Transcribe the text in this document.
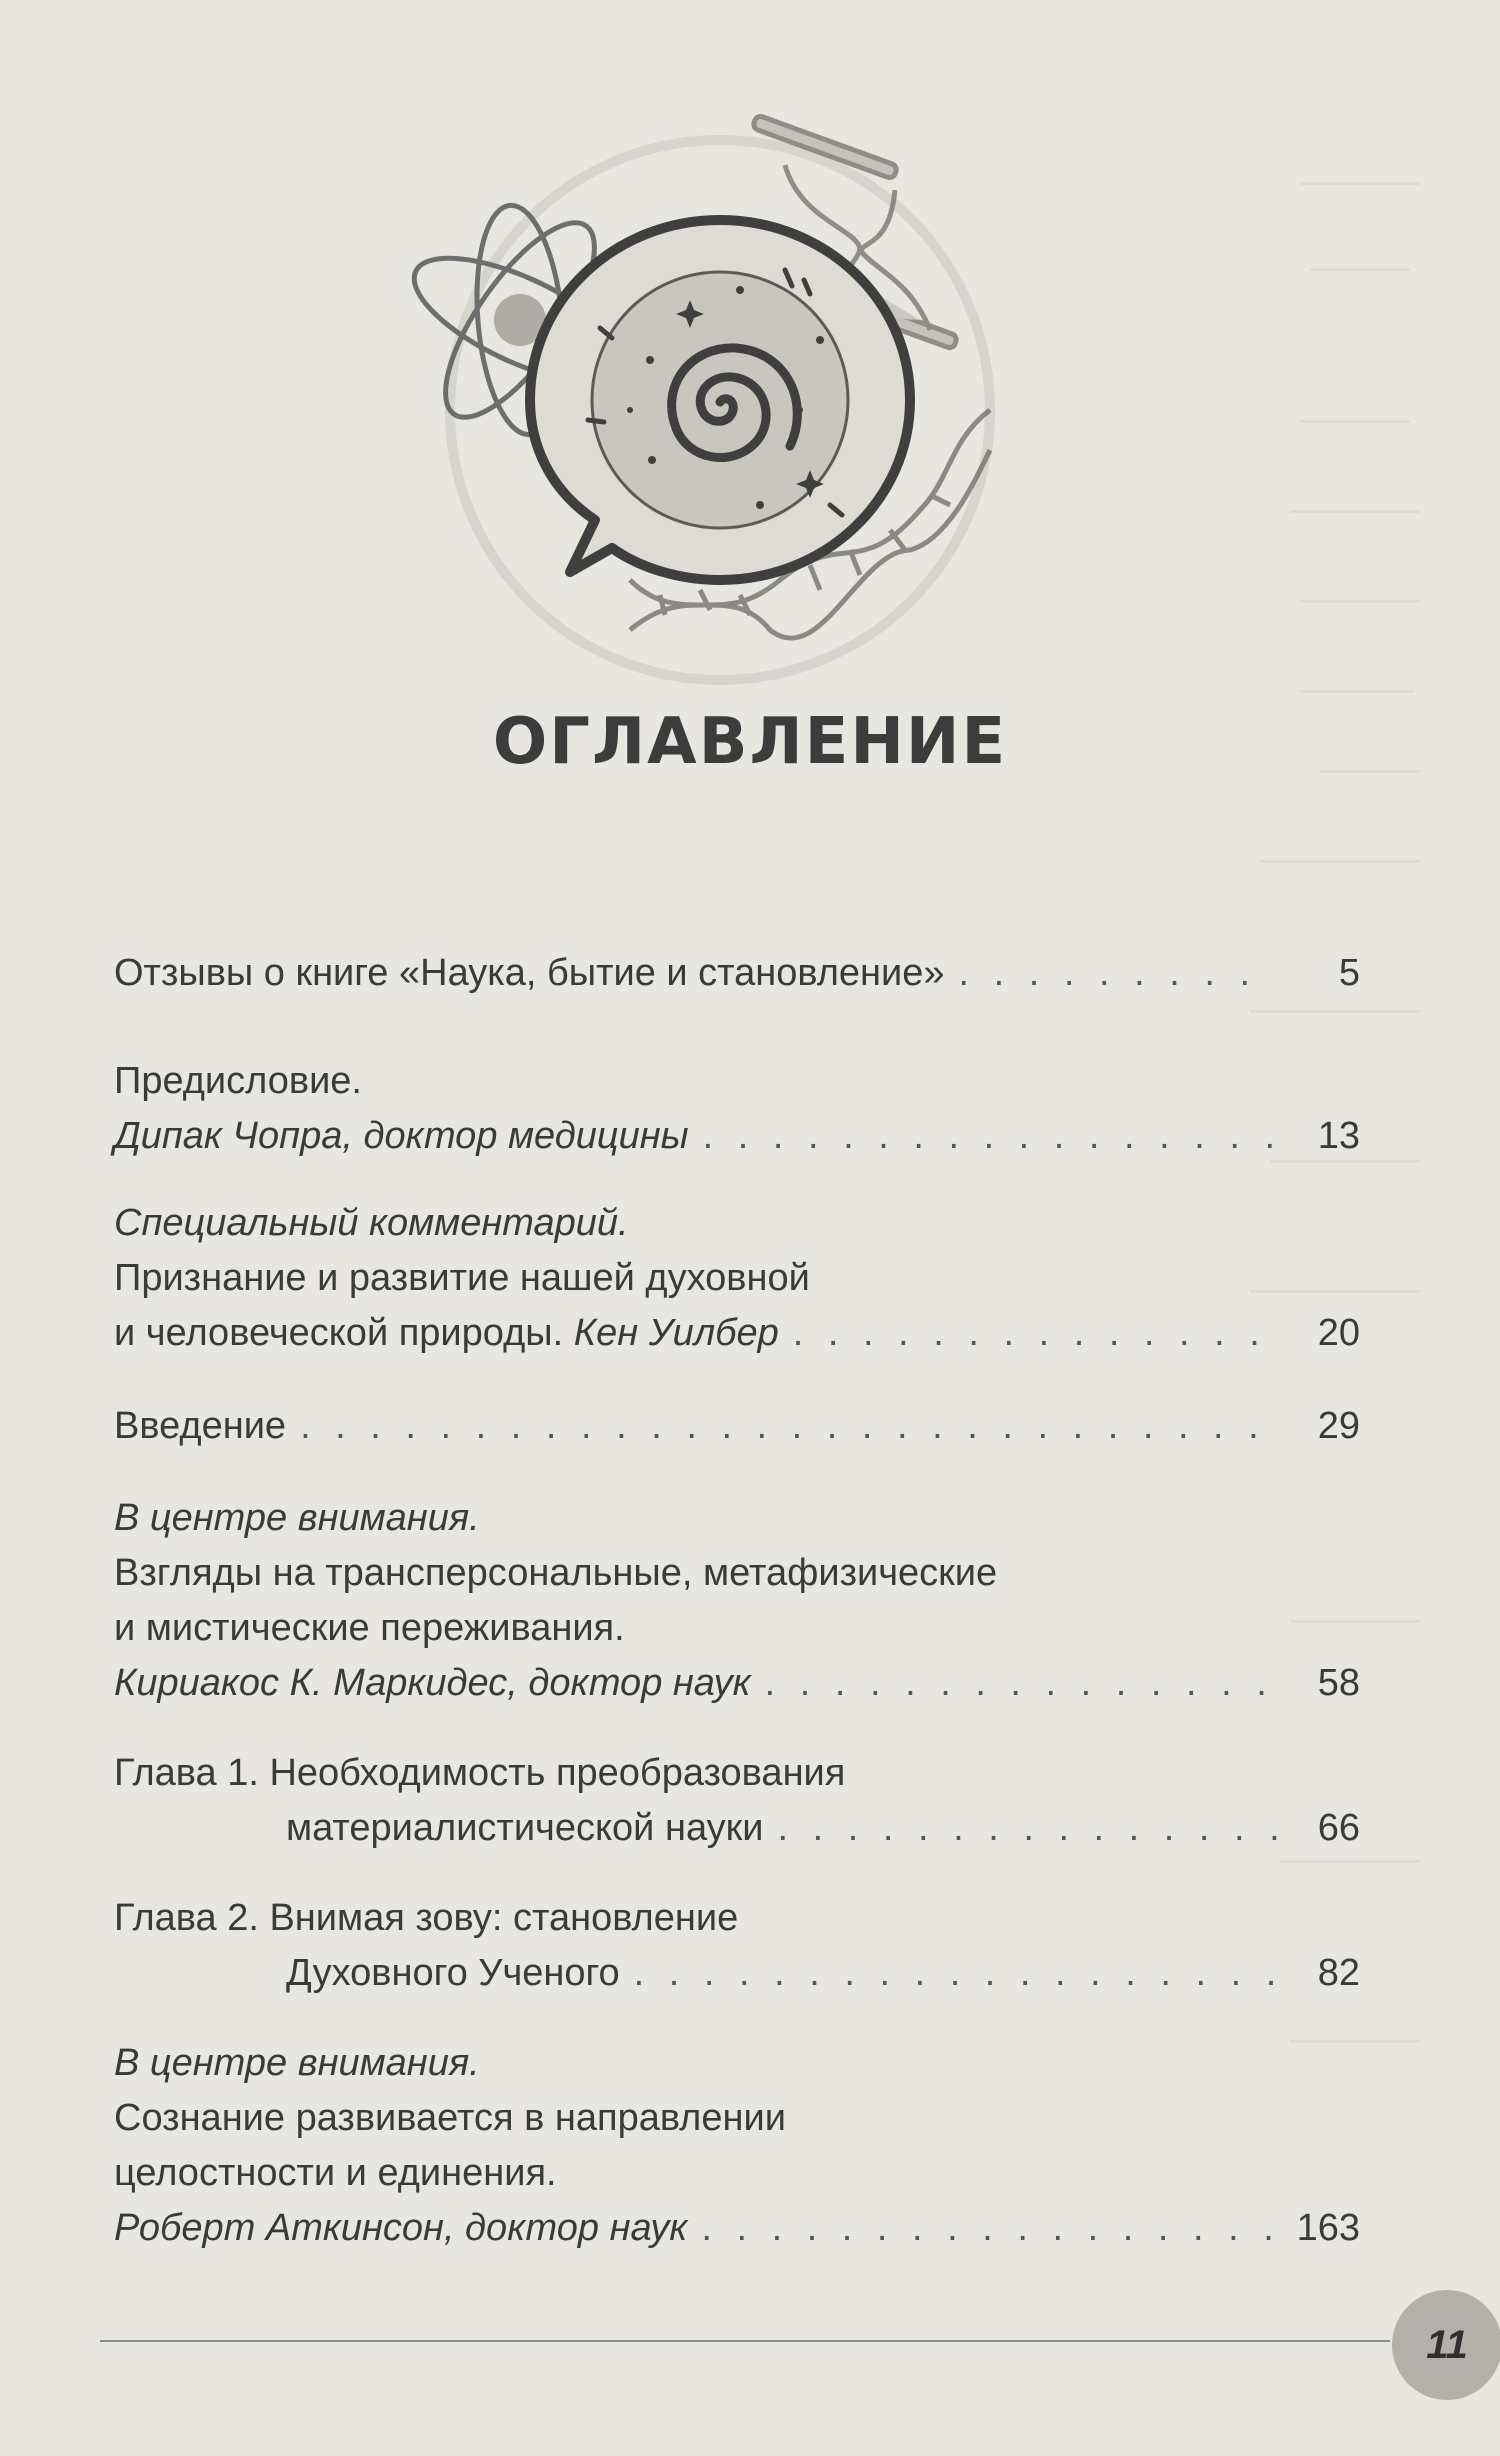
ОГЛАВЛЕНИЕ
Отзывы о книге «Наука, бытие и становление» . . .	5
Предисловие.
Дипак Чопра, доктор медицины . . .	13
Специальный комментарий.
Признание и развитие нашей духовной
и человеческой природы. Кен Уилбер . . .	20
Введение . . .	29
В центре внимания.
Взгляды на трансперсональные, метафизические
и мистические переживания.
Кириакос К. Маркидес, доктор наук . . .	58
Глава 1. Необходимость преобразования
материалистической науки . . .	66
Глава 2. Внимая зову: становление
Духовного Ученого . . .	82
В центре внимания.
Сознание развивается в направлении
целостности и единения.
Роберт Аткинсон, доктор наук . . .	163
11
